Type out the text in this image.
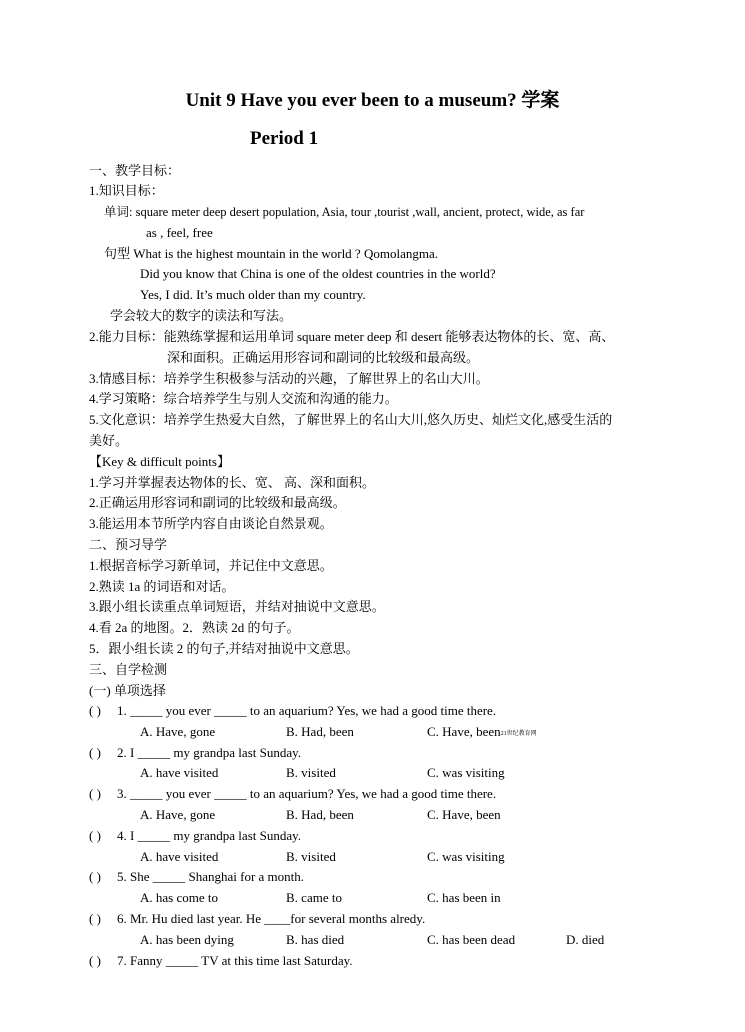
Unit 9 Have you ever been to a museum? 学案
Period 1
一、教学目标：
1.知识目标：
单词: square meter deep desert population, Asia, tour ,tourist ,wall, ancient, protect, wide, as far
as , feel, free
句型 What is the highest mountain in the world ? Qomolangma.
Did you know that China is one of the oldest countries in the world?
Yes, I did. It’s much older than my country.
学会较大的数字的读法和写法。
2.能力目标：能熟练掌握和运用单词 square meter deep 和 desert 能够表达物体的长、宽、高、
深和面积。正确运用形容词和副词的比较级和最高级。
3.情感目标：培养学生积极参与活动的兴趣，了解世界上的名山大川。
4.学习策略：综合培养学生与别人交流和沟通的能力。
5.文化意识：培养学生热爱大自然，了解世界上的名山大川,悠久历史、灿烂文化,感受生活的
美好。
【Key & difficult points】
1.学习并掌握表达物体的长、宽、 高、深和面积。
2.正确运用形容词和副词的比较级和最高级。
3.能运用本节所学内容自由谈论自然景观。
二、预习导学
1.根据音标学习新单词，并记住中文意思。
2.熟读 1a 的词语和对话。
3.跟小组长读重点单词短语，并结对抽说中文意思。
4.看 2a 的地图。2．熟读 2d 的句子。
5．跟小组长读 2 的句子,并结对抽说中文意思。
三、自学检测
(一) 单项选择
( ) 1. _____ you ever _____ to an aquarium? Yes, we had a good time there.
A. Have, gone	B. Had, been	C. Have, been21世纪教育网
( ) 2. I _____ my grandpa last Sunday.
A. have visited	B. visited	C. was visiting
( ) 3. _____ you ever _____ to an aquarium? Yes, we had a good time there.
A. Have, gone	B. Had, been	C. Have, been
( ) 4. I _____ my grandpa last Sunday.
A. have visited	B. visited	C. was visiting
( ) 5. She _____ Shanghai for a month.
A. has come to	B. came to	C. has been in
( ) 6. Mr. Hu died last year. He ____for several months alredy.
A. has been dying	B. has died	C. has been dead	D. died
( ) 7. Fanny _____ TV at this time last Saturday.
